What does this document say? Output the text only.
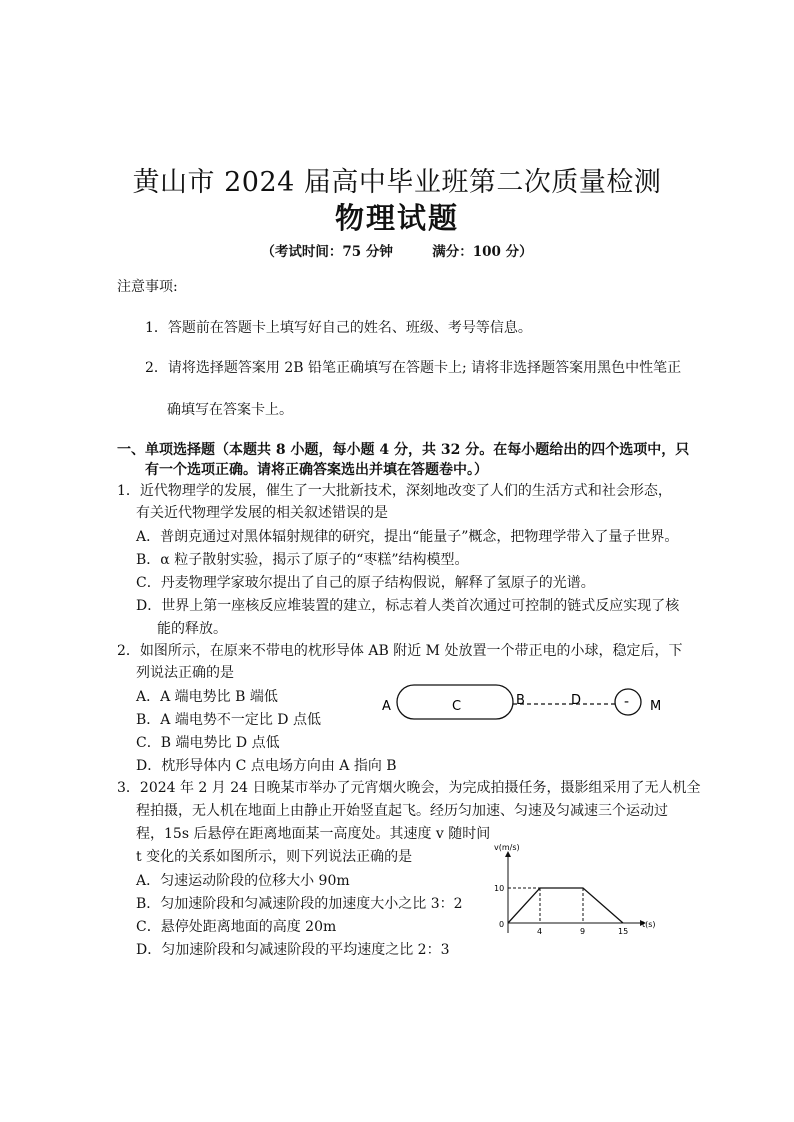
黄山市 2024 届高中毕业班第二次质量检测
物理试题
（考试时间：75 分钟	满分：100 分）
注意事项:
1．答题前在答题卡上填写好自己的姓名、班级、考号等信息。
2．请将选择题答案用 2B 铅笔正确填写在答题卡上; 请将非选择题答案用黑色中性笔正
确填写在答案卡上。
一、单项选择题（本题共 8 小题，每小题 4 分，共 32 分。在每小题给出的四个选项中，只
有一个选项正确。请将正确答案选出并填在答题卷中。）
1．近代物理学的发展，催生了一大批新技术，深刻地改变了人们的生活方式和社会形态，
有关近代物理学发展的相关叙述错误的是
A．普朗克通过对黑体辐射规律的研究，提出“能量子”概念，把物理学带入了量子世界。
B．α 粒子散射实验，揭示了原子的“枣糕”结构模型。
C．丹麦物理学家玻尔提出了自己的原子结构假说，解释了氢原子的光谱。
D．世界上第一座核反应堆装置的建立，标志着人类首次通过可控制的链式反应实现了核
能的释放。
2．如图所示，在原来不带电的枕形导体 AB 附近 M 处放置一个带正电的小球，稳定后，下
列说法正确的是
A．A 端电势比 B 端低
B．A 端电势不一定比 D 点低
C．B 端电势比 D 点低
D．枕形导体内 C 点电场方向由 A 指向 B
A	C	B	D	- M
3．2024 年 2 月 24 日晚某市举办了元宵烟火晚会，为完成拍摄任务，摄影组采用了无人机全
程拍摄，无人机在地面上由静止开始竖直起飞。经历匀加速、匀速及匀减速三个运动过
程，15s 后悬停在距离地面某一高度处。其速度 v 随时间
t 变化的关系如图所示，则下列说法正确的是
A．匀速运动阶段的位移大小 90m
B．匀加速阶段和匀减速阶段的加速度大小之比 3：2
C．悬停处距离地面的高度 20m
D．匀加速阶段和匀减速阶段的平均速度之比 2：3
v(m/s)
t(s)
10
0
4	9	15
